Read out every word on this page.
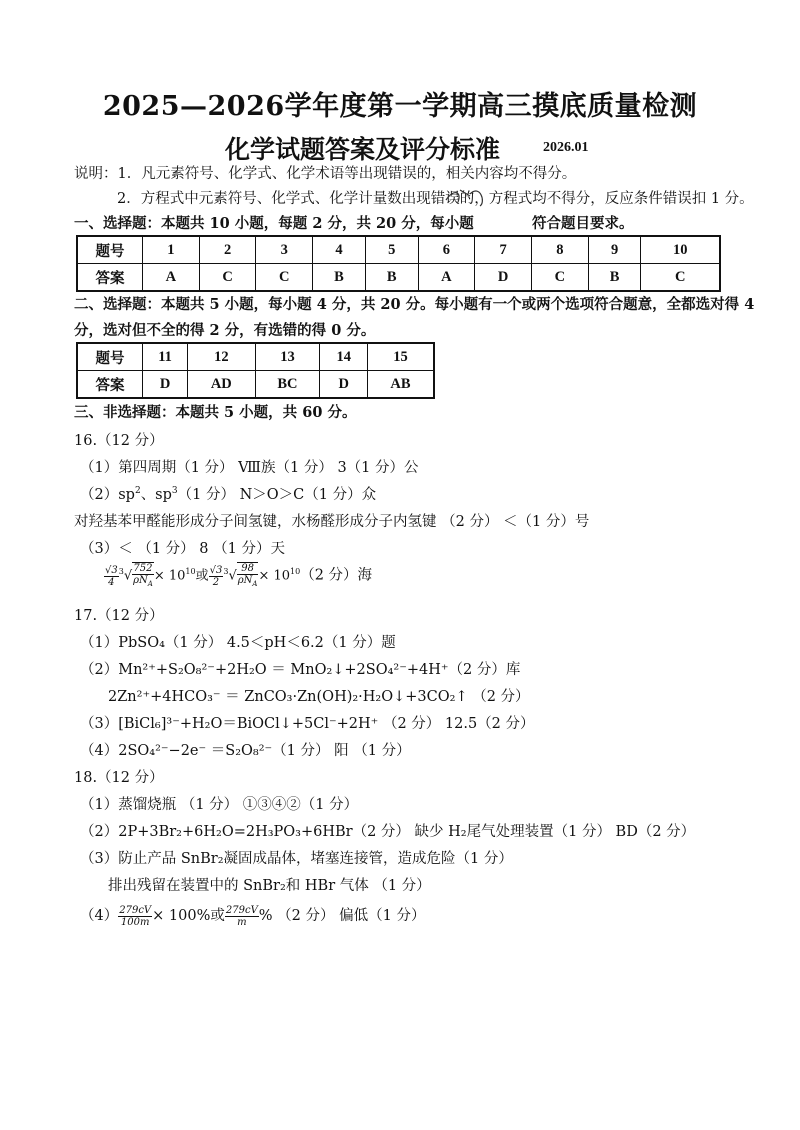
2025—2026学年度第一学期高三摸底质量检测
化学试题答案及评分标准	2026.01
说明：1．凡元素符号、化学式、化学术语等出现错误的，相关内容均不得分。
2．方程式中元素符号、化学式、化学计量数出现错误的，方程式均不得分，反应条件错误扣 1 分。
一、选择题：本题共 10 小题，每题 2 分，共 20 分，每小题	符合题目要求。
题号	1	2	3	4	5	6	7	8	9	10
答案	A	C	C	B	B	A	D	C	B	C
二、选择题：本题共 5 小题，每小题 4 分，共 20 分。每小题有一个或两个选项符合题意，全都选对得 4
分，选对但不全的得 2 分，有选错的得 0 分。
题号	11	12	13	14	15
答案	D	AD	BC	D	AB
三、非选择题：本题共 5 小题，共 60 分。
16.（12 分）
（1）第四周期（1 分） Ⅷ族（1 分） 3（1 分）公
$(2)sp^2$、$sp^3(1$ 分） N＞O＞C（1 分）众
对羟基苯甲醛能形成分子间氢键，水杨醛形成分子内氢键 （2 分） ＜（1 分）号
（3）＜ （1 分） 8 （1 分）天
$\frac{√3}{4} ^3√ \frac{752}{\rho N_A} \times 10^{10}$或 $\frac{√3}{2} ^3√ \frac{98}{\rho N_A} \times 10^{10}(2$ 分）海
17.（12 分）
（1）PbSO₄（1 分） 4.5＜pH＜6.2（1 分）题
（2）Mn²⁺+S₂O₈²⁻+2H₂O ＝ MnO₂↓+2SO₄²⁻+4H⁺（2 分）库
2Zn²⁺+4HCO₃⁻ ＝ ZnCO₃·Zn(OH)₂·H₂O↓+3CO₂↑ （2 分）
（3）[BiCl₆]³⁻+H₂O＝BiOCl↓+5Cl⁻+2H⁺ （2 分） 12.5（2 分）
（4）2SO₄²⁻−2e⁻ ＝S₂O₈²⁻（1 分） 阳 （1 分）
18.（12 分）
（1）蒸馏烧瓶 （1 分） ①③④②（1 分）
（2）2P+3Br₂+6H₂O=2H₃PO₃+6HBr（2 分） 缺少 H₂尾气处理装置（1 分） BD（2 分）
（3）防止产品 SnBr₂凝固成晶体，堵塞连接管，造成危险（1 分）
排出残留在装置中的 SnBr₂和 HBr 气体 （1 分）
$(4) \frac{279cV}{100m} \times 100\%$或 $\frac{279cV}{m}$ % （2 分） 偏低（1 分）
